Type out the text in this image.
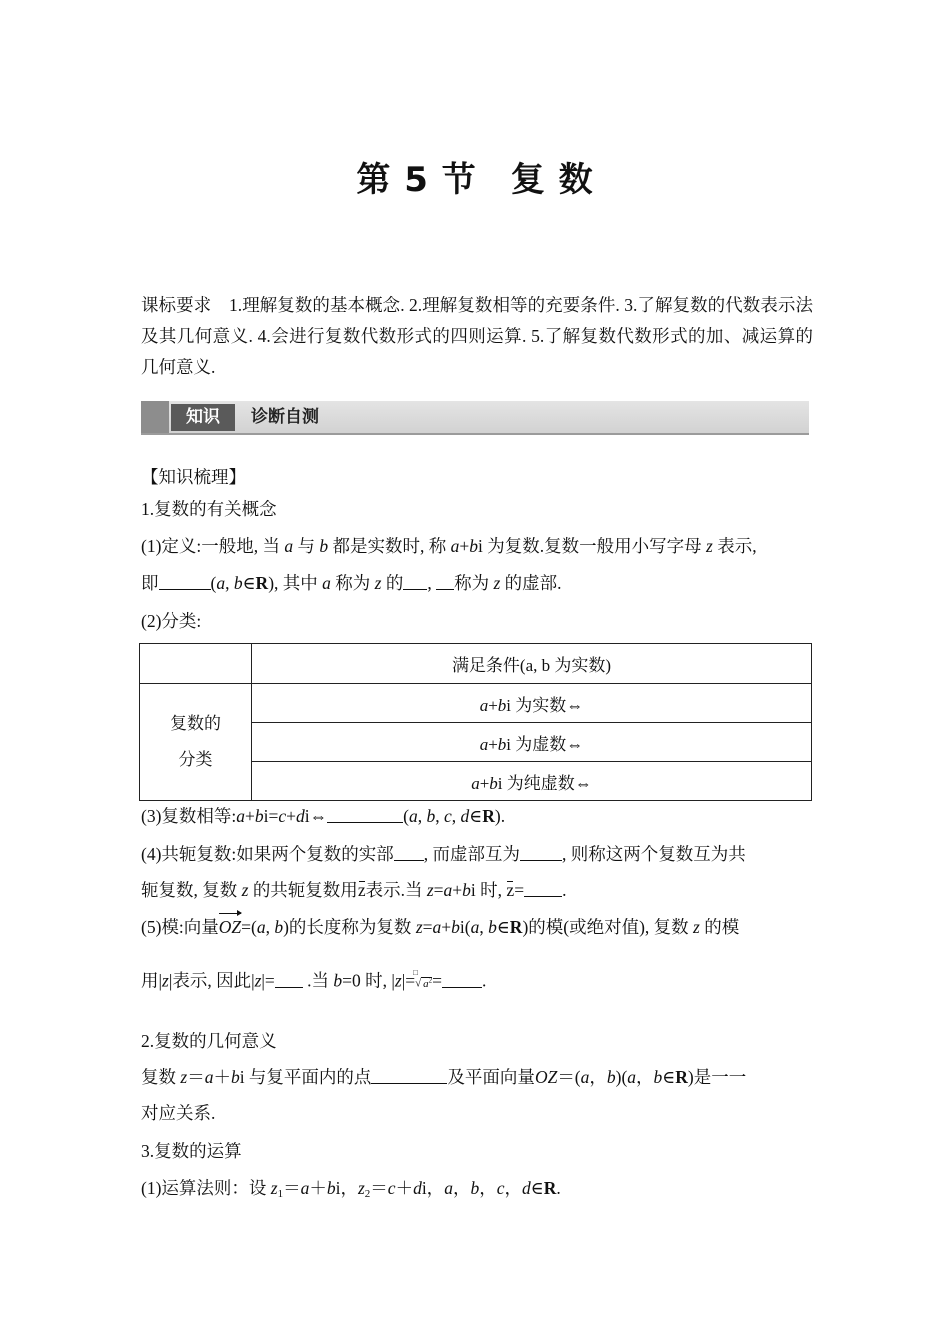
第 5 节 复 数
课标要求 1.理解复数的基本概念. 2.理解复数相等的充要条件. 3.了解复数的代数表示法及其几何意义. 4.会进行复数代数形式的四则运算. 5.了解复数代数形式的加、减运算的几何意义.
知识	诊断自测
【知识梳理】
1.复数的有关概念
(1)定义:一般地, 当 a 与 b 都是实数时, 称 a+bi 为复数.复数一般用小写字母 z 表示,
即	(a, b∈R), 其中 a 称为 z 的 , 称为 z 的虚部.
(2)分类:
	满足条件(a, b 为实数)
复数的
分类	a+bi 为实数⇔
	a+bi 为虚数⇔
	a+bi 为纯虚数⇔
(3)复数相等:a+bi=c+di⇔	(a, b, c, d∈R).
(4)共轭复数:如果两个复数的实部 , 而虚部互为 , 则称这两个复数互为共
轭复数, 复数 z 的共轭复数用z表示.当 z=a+bi 时, z= .
(5)模:向量OZ=(a, b)的长度称为复数 z=a+bi(a, b∈R)的模(或绝对值), 复数 z 的模
用|z|表示, 因此|z|= .当 b=0 时, |z|=
□
√ $a^2=$ .
2.复数的几何意义
复数 z＝a＋bi 与复平面内的点	及平面向量OZ＝(a，b)(a，b∈R)是一一
对应关系.
3.复数的运算
(1)运算法则：设 $z_1=a+bi$，$z_2=c+di$，a，b，c，d∈R.
